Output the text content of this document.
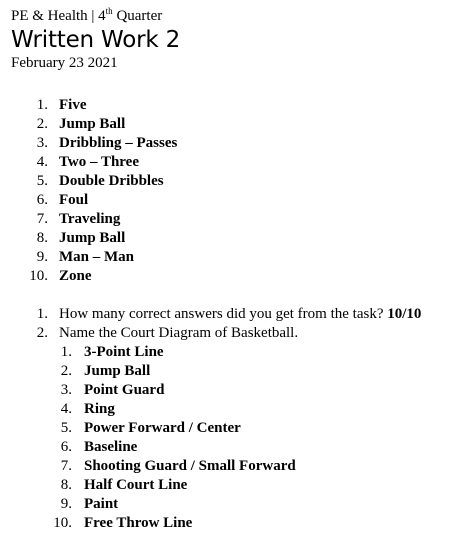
PE & Health | 4th Quarter
Written Work 2
February 23 2021
1. Five
2. Jump Ball
3. Dribbling – Passes
4. Two – Three
5. Double Dribbles
6. Foul
7. Traveling
8. Jump Ball
9. Man – Man
10. Zone
1. How many correct answers did you get from the task? 10/10
2. Name the Court Diagram of Basketball.
1. 3-Point Line
2. Jump Ball
3. Point Guard
4. Ring
5. Power Forward / Center
6. Baseline
7. Shooting Guard / Small Forward
8. Half Court Line
9. Paint
10. Free Throw Line
